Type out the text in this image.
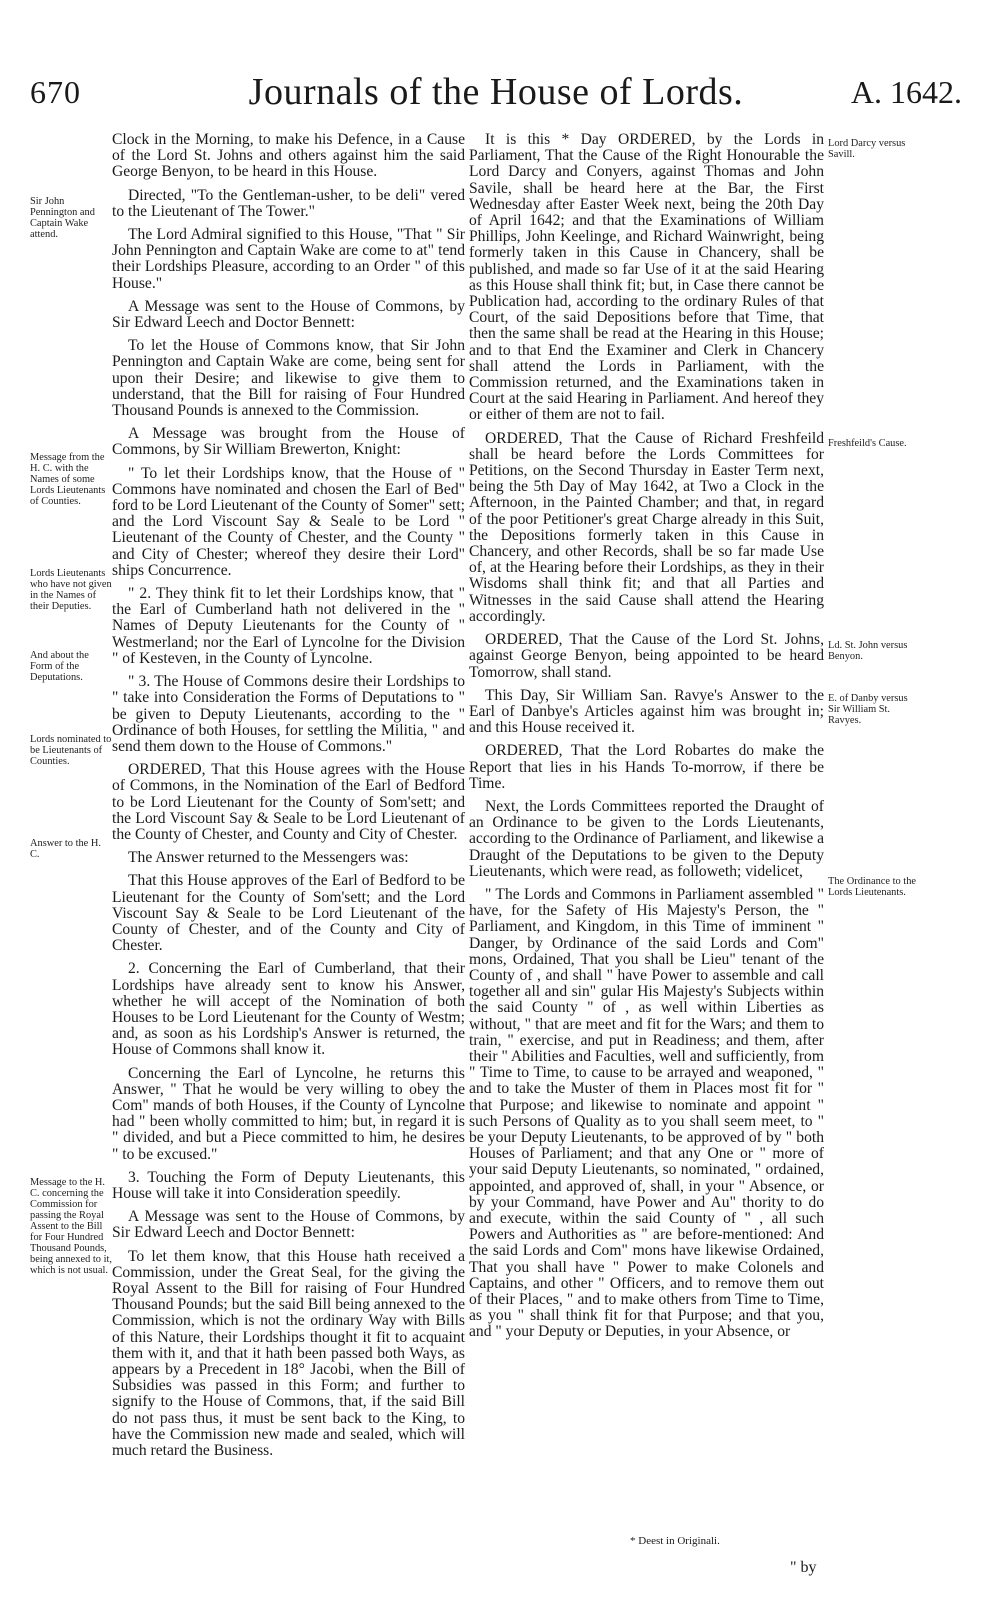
670	Journals of the House of Lords.	A. 1642.

Clock in the Morning, to make his Defence, in a Cause of the Lord St. Johns and others against him the said George Benyon, to be heard in this House.

Directed, "To the Gentleman-usher, to be deli" vered to the Lieutenant of The Tower."

The Lord Admiral signified to this House, "That " Sir John Pennington and Captain Wake are come to at" tend their Lordships Pleasure, according to an Order " of this House."

A Message was sent to the House of Commons, by Sir Edward Leech and Doctor Bennett:

To let the House of Commons know, that Sir John Pennington and Captain Wake are come, being sent for upon their Desire; and likewise to give them to understand, that the Bill for raising of Four Hundred Thousand Pounds is annexed to the Commission.

A Message was brought from the House of Commons, by Sir William Brewerton, Knight:

" To let their Lordships know, that the House of " Commons have nominated and chosen the Earl of Bed" ford to be Lord Lieutenant of the County of Somer" sett; and the Lord Viscount Say & Seale to be Lord " Lieutenant of the County of Chester, and the County " and City of Chester; whereof they desire their Lord" ships Concurrence.

" 2. They think fit to let their Lordships know, that " the Earl of Cumberland hath not delivered in the " Names of Deputy Lieutenants for the County of " Westmerland; nor the Earl of Lyncolne for the Division " of Kesteven, in the County of Lyncolne.

" 3. The House of Commons desire their Lordships to " take into Consideration the Forms of Deputations to " be given to Deputy Lieutenants, according to the " Ordinance of both Houses, for settling the Militia, " and send them down to the House of Commons."

ORDERED, That this House agrees with the House of Commons, in the Nomination of the Earl of Bedford to be Lord Lieutenant for the County of Som'sett; and the Lord Viscount Say & Seale to be Lord Lieutenant of the County of Chester, and County and City of Chester.

The Answer returned to the Messengers was:

That this House approves of the Earl of Bedford to be Lieutenant for the County of Som'sett; and the Lord Viscount Say & Seale to be Lord Lieutenant of the County of Chester, and of the County and City of Chester.

2. Concerning the Earl of Cumberland, that their Lordships have already sent to know his Answer, whether he will accept of the Nomination of both Houses to be Lord Lieutenant for the County of Westm; and, as soon as his Lordship's Answer is returned, the House of Commons shall know it.

Concerning the Earl of Lyncolne, he returns this Answer, " That he would be very willing to obey the Com" mands of both Houses, if the County of Lyncolne had " been wholly committed to him; but, in regard it is " divided, and but a Piece committed to him, he desires " to be excused."

3. Touching the Form of Deputy Lieutenants, this House will take it into Consideration speedily.

A Message was sent to the House of Commons, by Sir Edward Leech and Doctor Bennett:

To let them know, that this House hath received a Commission, under the Great Seal, for the giving the Royal Assent to the Bill for raising of Four Hundred Thousand Pounds; but the said Bill being annexed to the Commission, which is not the ordinary Way with Bills of this Nature, their Lordships thought it fit to acquaint them with it, and that it hath been passed both Ways, as appears by a Precedent in 18° Jacobi, when the Bill of Subsidies was passed in this Form; and further to signify to the House of Commons, that, if the said Bill do not pass thus, it must be sent back to the King, to have the Commission new made and sealed, which will much retard the Business.

It is this * Day ORDERED, by the Lords in Parliament, That the Cause of the Right Honourable the Lord Darcy and Conyers, against Thomas and John Savile, shall be heard here at the Bar, the First Wednesday after Easter Week next, being the 20th Day of April 1642; and that the Examinations of William Phillips, John Keelinge, and Richard Wainwright, being formerly taken in this Cause in Chancery, shall be published, and made so far Use of it at the said Hearing as this House shall think fit; but, in Case there cannot be Publication had, according to the ordinary Rules of that Court, of the said Depositions before that Time, that then the same shall be read at the Hearing in this House; and to that End the Examiner and Clerk in Chancery shall attend the Lords in Parliament, with the Commission returned, and the Examinations taken in Court at the said Hearing in Parliament. And hereof they or either of them are not to fail.

ORDERED, That the Cause of Richard Freshfeild shall be heard before the Lords Committees for Petitions, on the Second Thursday in Easter Term next, being the 5th Day of May 1642, at Two a Clock in the Afternoon, in the Painted Chamber; and that, in regard of the poor Petitioner's great Charge already in this Suit, the Depositions formerly taken in this Cause in Chancery, and other Records, shall be so far made Use of, at the Hearing before their Lordships, as they in their Wisdoms shall think fit; and that all Parties and Witnesses in the said Cause shall attend the Hearing accordingly.

ORDERED, That the Cause of the Lord St. Johns, against George Benyon, being appointed to be heard Tomorrow, shall stand.

This Day, Sir William San. Ravye's Answer to the Earl of Danbye's Articles against him was brought in; and this House received it.

ORDERED, That the Lord Robartes do make the Report that lies in his Hands To-morrow, if there be Time.

Next, the Lords Committees reported the Draught of an Ordinance to be given to the Lords Lieutenants, according to the Ordinance of Parliament, and likewise a Draught of the Deputations to be given to the Deputy Lieutenants, which were read, as followeth; videlicet,

" The Lords and Commons in Parliament assembled " have, for the Safety of His Majesty's Person, the " Parliament, and Kingdom, in this Time of imminent " Danger, by Ordinance of the said Lords and Com" mons, Ordained, That you shall be Lieu" tenant of the County of , and shall " have Power to assemble and call together all and sin" gular His Majesty's Subjects within the said County " of , as well within Liberties as without, " that are meet and fit for the Wars; and them to train, " exercise, and put in Readiness; and them, after their " Abilities and Faculties, well and sufficiently, from " Time to Time, to cause to be arrayed and weaponed, " and to take the Muster of them in Places most fit for " that Purpose; and likewise to nominate and appoint " such Persons of Quality as to you shall seem meet, to " be your Deputy Lieutenants, to be approved of by " both Houses of Parliament; and that any One or " more of your said Deputy Lieutenants, so nominated, " ordained, appointed, and approved of, shall, in your " Absence, or by your Command, have Power and Au" thority to do and execute, within the said County of " , all such Powers and Authorities as " are before-mentioned: And the said Lords and Com" mons have likewise Ordained, That you shall have " Power to make Colonels and Captains, and other " Officers, and to remove them out of their Places, " and to make others from Time to Time, as you " shall think fit for that Purpose; and that you, and " your Deputy or Deputies, in your Absence, or

Sir John Pennington and Captain Wake attend.
Message from the H. C. with the Names of some Lords Lieutenants of Counties.
Lords Lieutenants who have not given in the Names of their Deputies.
And about the Form of the Deputations.
Lords nominated to be Lieutenants of Counties.
Answer to the H. C.
Message to the H. C. concerning the Commission for passing the Royal Assent to the Bill for Four Hundred Thousand Pounds, being annexed to it, which is not usual.
Lord Darcy versus Savill.
Freshfeild's Cause.
Ld. St. John versus Benyon.
E. of Danby versus Sir William St. Ravyes.
The Ordinance to the Lords Lieutenants.
* Deest in Originali.
" by
